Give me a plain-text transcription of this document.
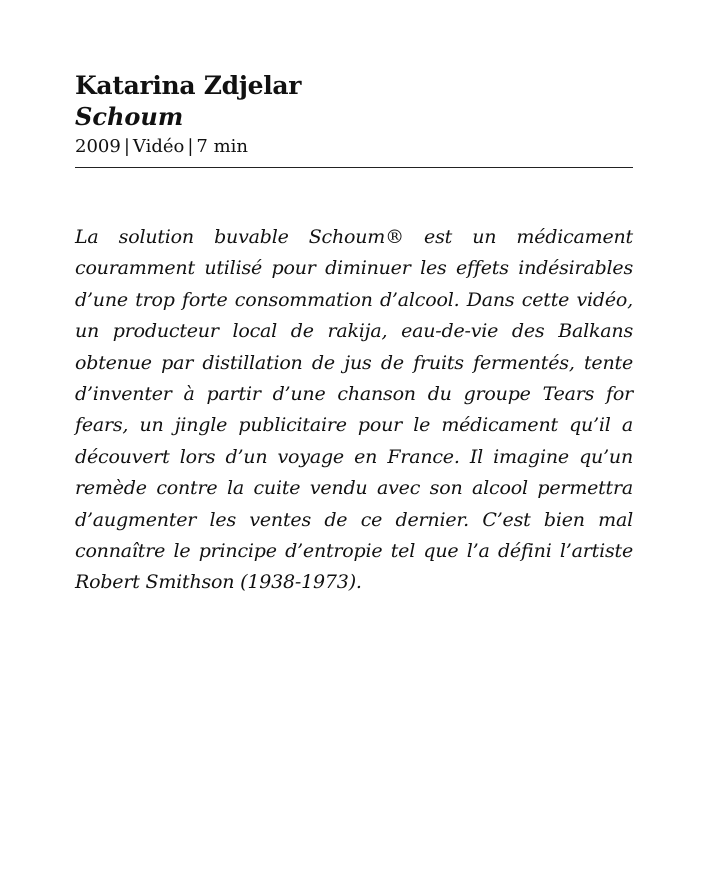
Katarina Zdjelar
Schoum
2009 | Vidéo | 7 min

La solution buvable Schoum® est un médicament couramment utilisé pour diminuer les effets indésirables d’une trop forte consommation d’alcool. Dans cette vidéo, un producteur local de rakija, eau-de-vie des Balkans obtenue par distillation de jus de fruits fermentés, tente d’inventer à partir d’une chanson du groupe Tears for fears, un jingle publicitaire pour le médicament qu’il a découvert lors d’un voyage en France. Il imagine qu’un remède contre la cuite vendu avec son alcool permettra d’augmenter les ventes de ce dernier. C’est bien mal connaître le principe d’entropie tel que l’a défini l’artiste Robert Smithson (1938-1973).
